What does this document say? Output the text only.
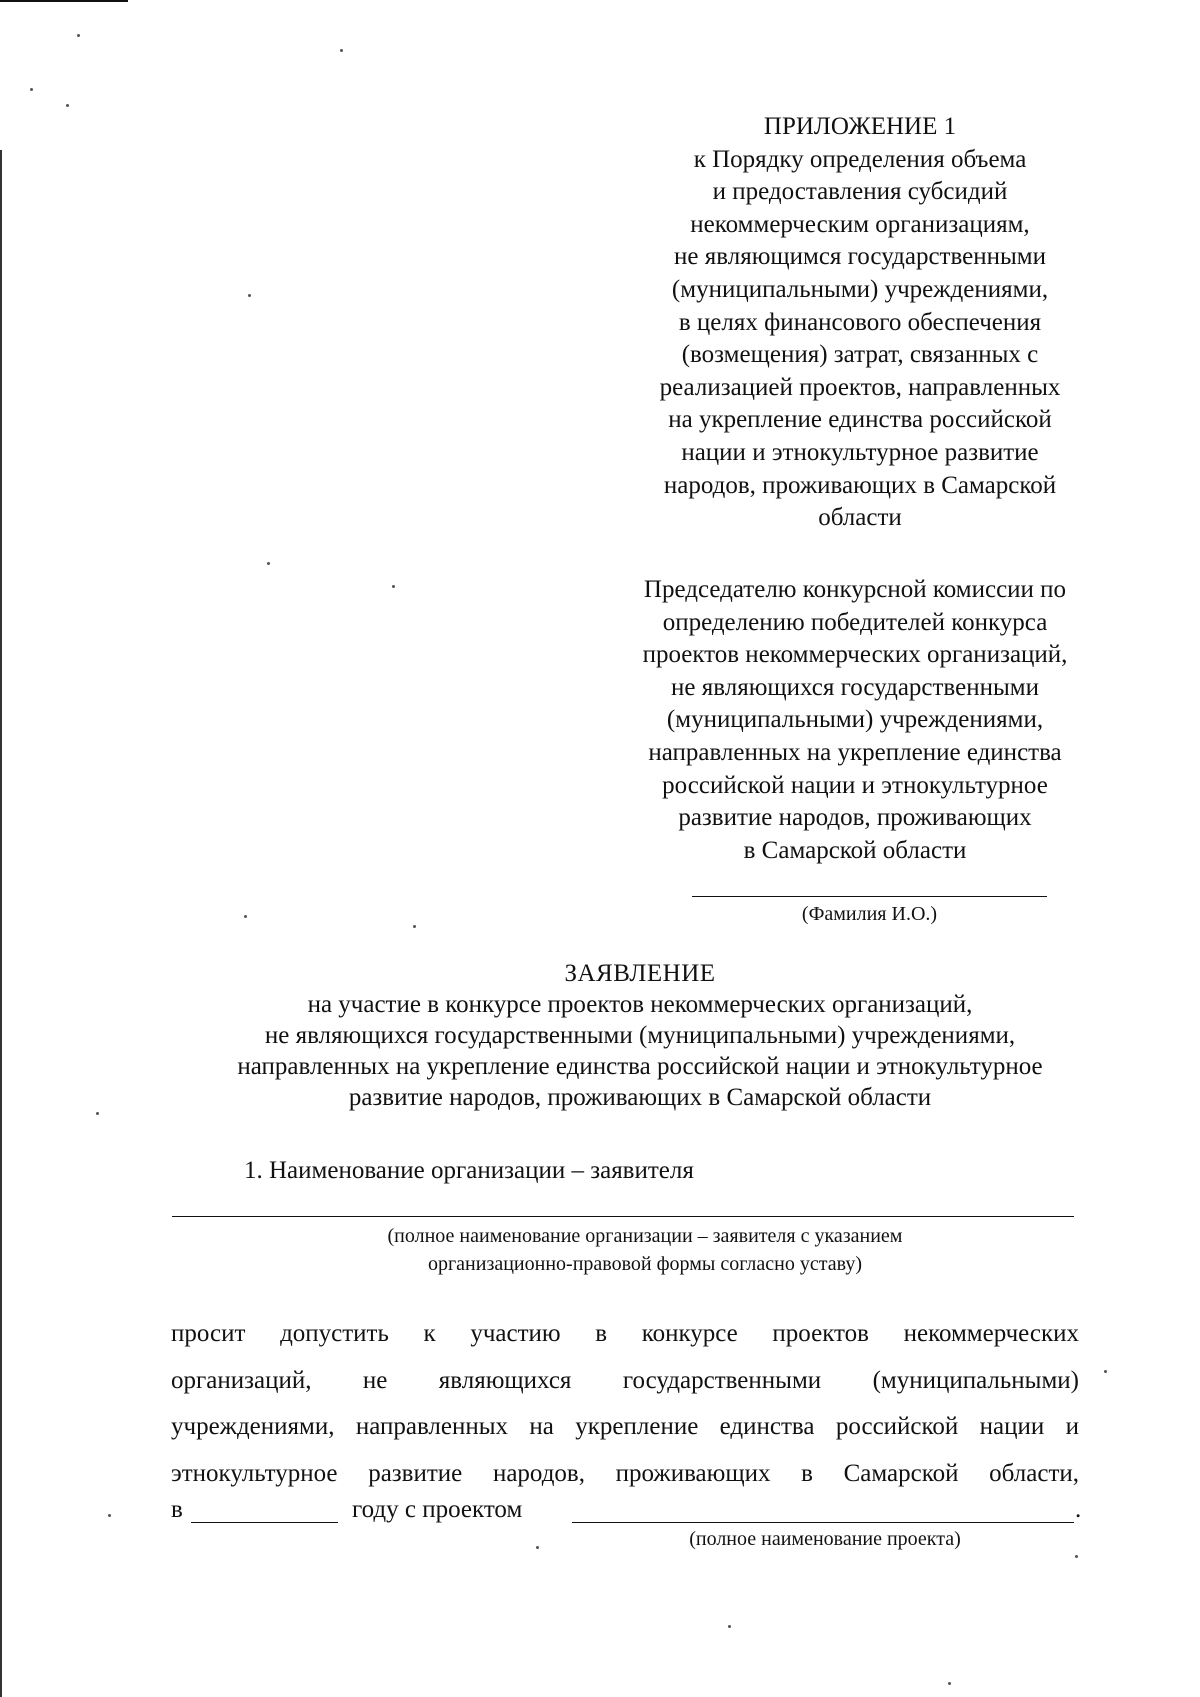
ПРИЛОЖЕНИЕ 1
к Порядку определения объема
и предоставления субсидий
некоммерческим организациям,
не являющимся государственными
(муниципальными) учреждениями,
в целях финансового обеспечения
(возмещения) затрат, связанных с
реализацией проектов, направленных
на укрепление единства российской
нации и этнокультурное развитие
народов, проживающих в Самарской
области
Председателю конкурсной комиссии по
определению победителей конкурса
проектов некоммерческих организаций,
не являющихся государственными
(муниципальными) учреждениями,
направленных на укрепление единства
российской нации и этнокультурное
развитие народов, проживающих
в Самарской области
(Фамилия И.О.)
ЗАЯВЛЕНИЕ
на участие в конкурсе проектов некоммерческих организаций,
не являющихся государственными (муниципальными) учреждениями,
направленных на укрепление единства российской нации и этнокультурное
развитие народов, проживающих в Самарской области
1. Наименование организации – заявителя
(полное наименование организации – заявителя с указанием
организационно-правовой формы согласно уставу)
просит допустить к участию в конкурсе проектов некоммерческих
организаций, не являющихся государственными (муниципальными)
учреждениями, направленных на укрепление единства российской нации и
этнокультурное развитие народов, проживающих в Самарской области,
в	году с проектом	.
(полное наименование проекта)
